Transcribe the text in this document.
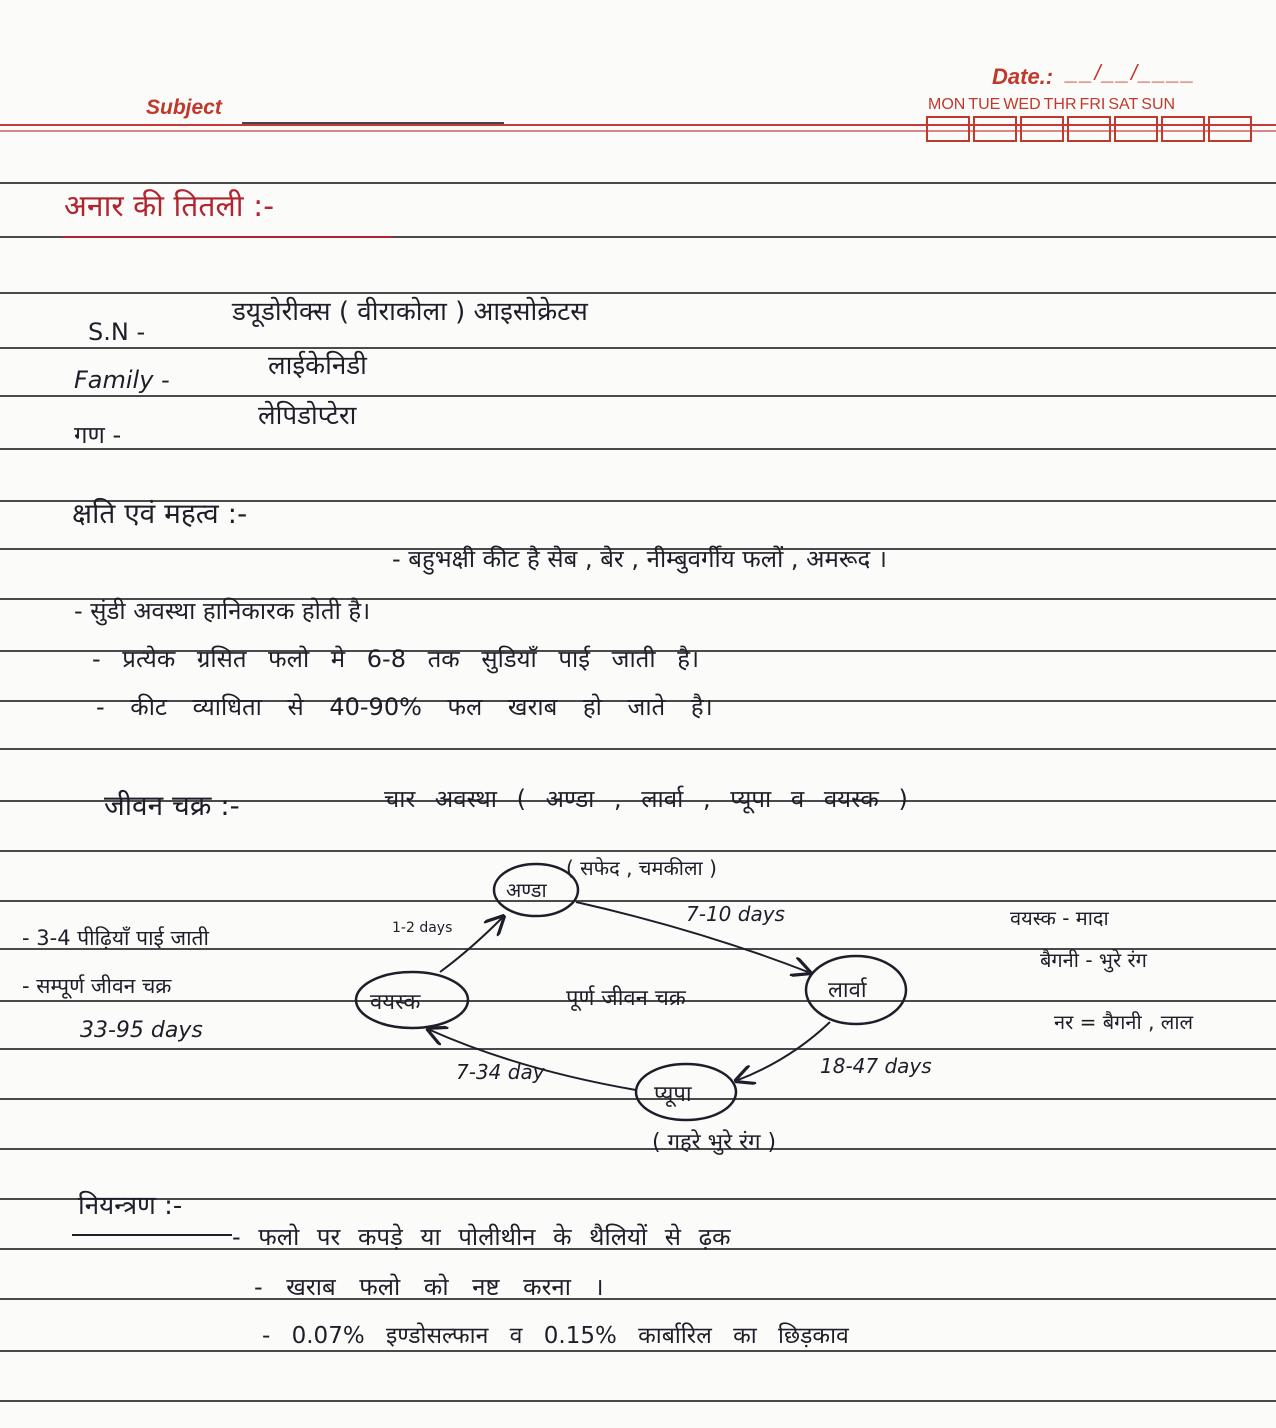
Subject
Date.: __/__/____
MON TUE WED THR FRI SAT SUN
अनार की तितली :-
S.N -
डयूडोरीक्स ( वीराकोला ) आइसोक्रेटस
Family -	लाईकेनिडी
गण -
लेपिडोप्टेरा
क्षति एवं महत्व :-
- बहुभक्षी कीट है सेब , बेर , नीम्बुवर्गीय फलों , अमरूद ।
- सुंडी अवस्था हानिकारक होती है।
- प्रत्येक ग्रसित फलो मे 6-8 तक सुडियाँ पाई जाती है।
- कीट व्याधिता से 40-90% फल खराब हो जाते है।
जीवन चक्र :-	चार अवस्था ( अण्डा , लार्वा , प्यूपा व वयस्क )
अण्डा
वयस्क	लार्वा
प्यूपा
( सफेद , चमकीला )
( गहरे भुरे रंग )
पूर्ण जीवन चक्र
1-2 days
7-10 days
18-47 days
7-34 day
- 3-4 पीढ़ियाँ पाई जाती
- सम्पूर्ण जीवन चक्र
33-95 days
वयस्क - मादा
बैगनी - भुरे रंग
नर = बैगनी , लाल
नियन्त्रण :-
- फलो पर कपड़े या पोलीथीन के थैलियों से ढ़क
- खराब फलो को नष्ट करना ।
- 0.07% इण्डोसल्फान व 0.15% कार्बारिल का छिड़काव
